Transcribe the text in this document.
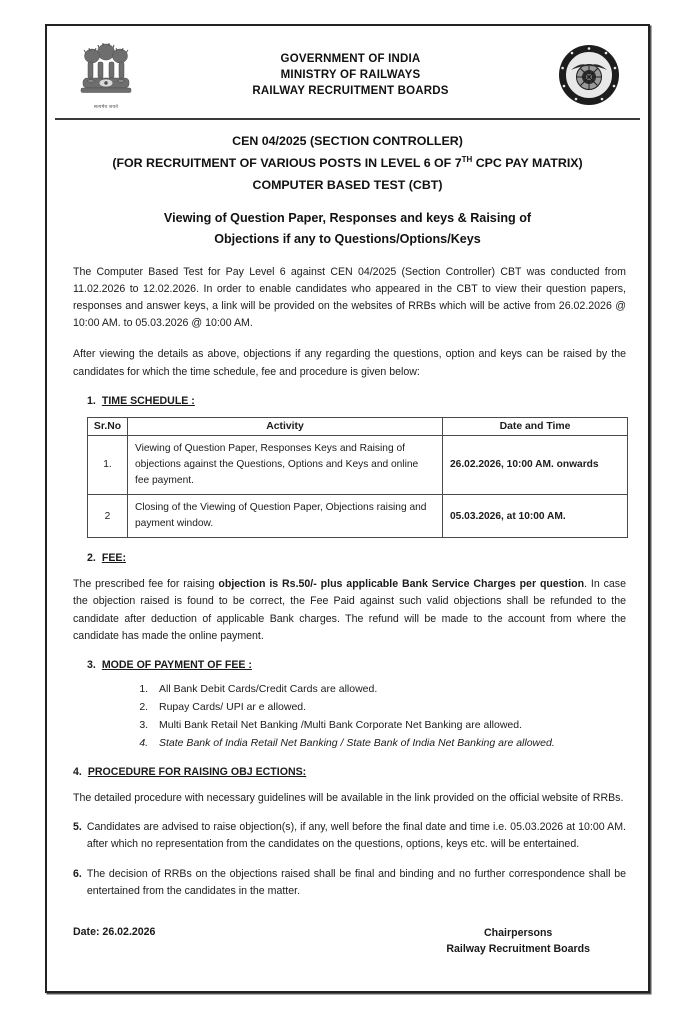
सत्यमेव जयते
GOVERNMENT OF INDIA
MINISTRY OF RAILWAYS
RAILWAY RECRUITMENT BOARDS
CEN 04/2025 (SECTION CONTROLLER)
(FOR RECRUITMENT OF VARIOUS POSTS IN LEVEL 6 OF 7TH CPC PAY MATRIX)
COMPUTER BASED TEST (CBT)
Viewing of Question Paper, Responses and keys & Raising of
Objections if any to Questions/Options/Keys

The Computer Based Test for Pay Level 6 against CEN 04/2025 (Section Controller) CBT was conducted from 11.02.2026 to 12.02.2026. In order to enable candidates who appeared in the CBT to view their question papers, responses and answer keys, a link will be provided on the websites of RRBs which will be active from 26.02.2026 @ 10:00 AM. to 05.03.2026 @ 10:00 AM.

After viewing the details as above, objections if any regarding the questions, option and keys can be raised by the candidates for which the time schedule, fee and procedure is given below:

1. TIME SCHEDULE :
Sr.No	Activity	Date and Time
1.	Viewing of Question Paper, Responses Keys and Raising of objections against the Questions, Options and Keys and online fee payment.	26.02.2026, 10:00 AM. onwards
2	Closing of the Viewing of Question Paper, Objections raising and payment window.	05.03.2026, at 10:00 AM.
2. FEE:

The prescribed fee for raising objection is Rs.50/- plus applicable Bank Service Charges per question. In case the objection raised is found to be correct, the Fee Paid against such valid objections shall be refunded to the candidate after deduction of applicable Bank charges. The refund will be made to the account from where the candidate has made the online payment.

3. MODE OF PAYMENT OF FEE :
1. All Bank Debit Cards/Credit Cards are allowed.
2. Rupay Cards/ UPI ar e allowed.
3. Multi Bank Retail Net Banking /Multi Bank Corporate Net Banking are allowed.
4. State Bank of India Retail Net Banking / State Bank of India Net Banking are allowed.
4. PROCEDURE FOR RAISING OBJ ECTIONS:

The detailed procedure with necessary guidelines will be available in the link provided on the official website of RRBs.

5. Candidates are advised to raise objection(s), if any, well before the final date and time i.e. 05.03.2026 at 10:00 AM. after which no representation from the candidates on the questions, options, keys etc. will be entertained.
6. The decision of RRBs on the objections raised shall be final and binding and no further correspondence shall be entertained from the candidates in the matter.
Date: 26.02.2026	Chairpersons
Railway Recruitment Boards
